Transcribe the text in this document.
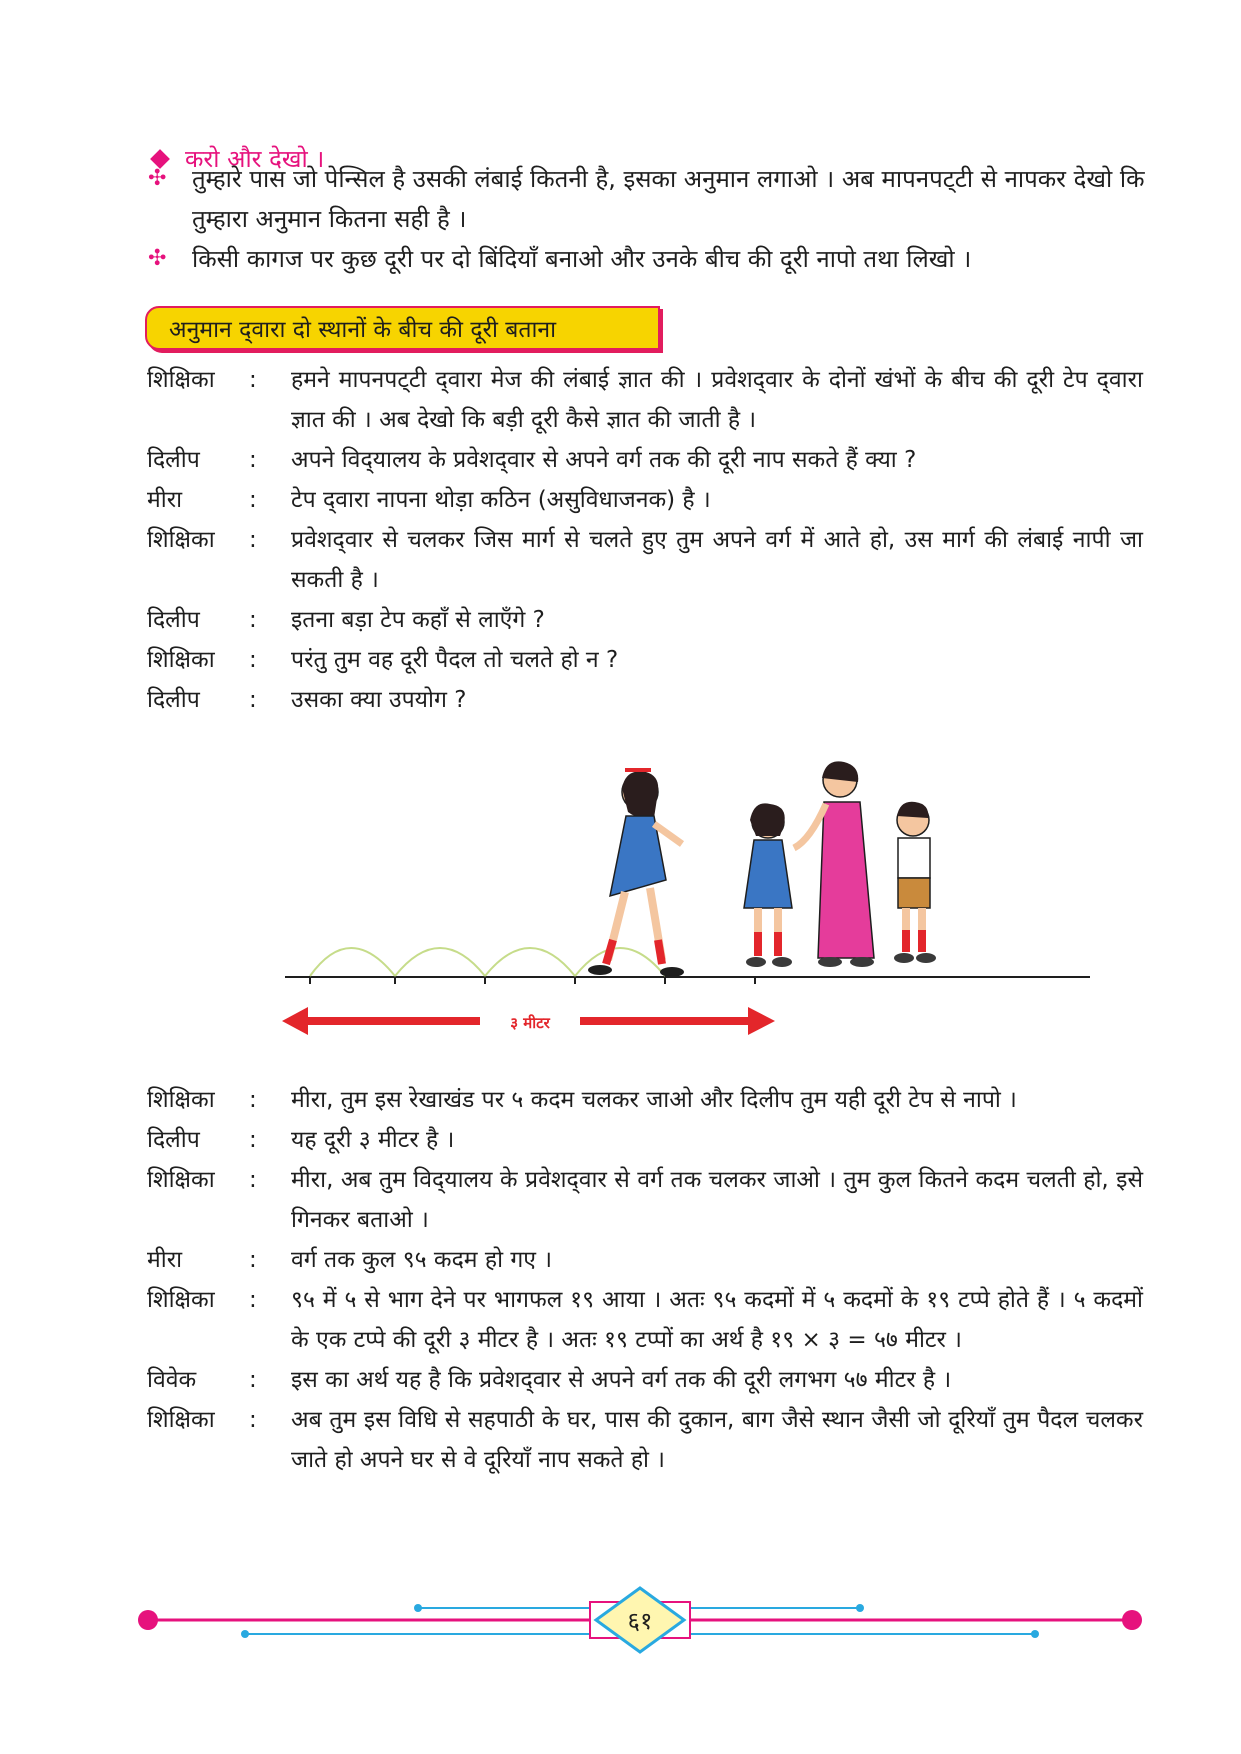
करो और देखो ।
✣	तुम्हारे पास जो पेन्सिल है उसकी लंबाई कितनी है, इसका अनुमान लगाओ । अब मापनपट्‌टी से नापकर देखो कि तुम्हारा अनुमान कितना सही है ।
✣	किसी कागज पर कुछ दूरी पर दो बिंदियाँ बनाओ और उनके बीच की दूरी नापो तथा लिखो ।
अनुमान द्‌वारा दो स्थानों के बीच की दूरी बताना
शिक्षिका	:	हमने मापनपट्‌टी द्‌वारा मेज की लंबाई ज्ञात की । प्रवेशद्‌वार के दोनों खंभों के बीच की दूरी टेप द्‌वारा ज्ञात की । अब देखो कि बड़ी दूरी कैसे ज्ञात की जाती है ।
दिलीप	:	अपने विद्‌यालय के प्रवेशद्‌वार से अपने वर्ग तक की दूरी नाप सकते हैं क्या ?
मीरा	:	टेप द्‌वारा नापना थोड़ा कठिन (असुविधाजनक) है ।
शिक्षिका	:	प्रवेशद्‌वार से चलकर जिस मार्ग से चलते हुए तुम अपने वर्ग में आते हो, उस मार्ग की लंबाई नापी जा सकती है ।
दिलीप	:	इतना बड़ा टेप कहाँ से लाएँगे ?
शिक्षिका	:	परंतु तुम वह दूरी पैदल तो चलते हो न ?
दिलीप	:	उसका क्या उपयोग ?
३ मीटर
शिक्षिका	:	मीरा, तुम इस रेखाखंड पर ५ कदम चलकर जाओ और दिलीप तुम यही दूरी टेप से नापो ।
दिलीप	:	यह दूरी ३ मीटर है ।
शिक्षिका	:	मीरा, अब तुम विद्‌यालय के प्रवेशद्‌वार से वर्ग तक चलकर जाओ । तुम कुल कितने कदम चलती हो, इसे गिनकर बताओ ।
मीरा	:	वर्ग तक कुल ९५ कदम हो गए ।
शिक्षिका	:	९५ में ५ से भाग देने पर भागफल १९ आया । अतः ९५ कदमों में ५ कदमों के १९ टप्पे होते हैं । ५ कदमों के एक टप्पे की दूरी ३ मीटर है । अतः १९ टप्पों का अर्थ है १९ × ३ = ५७ मीटर ।
विवेक	:	इस का अर्थ यह है कि प्रवेशद्‌वार से अपने वर्ग तक की दूरी लगभग ५७ मीटर है ।
शिक्षिका	:	अब तुम इस विधि से सहपाठी के घर, पास की दुकान, बाग जैसे स्थान जैसी जो दूरियाँ तुम पैदल चलकर जाते हो अपने घर से वे दूरियाँ नाप सकते हो ।
६१
